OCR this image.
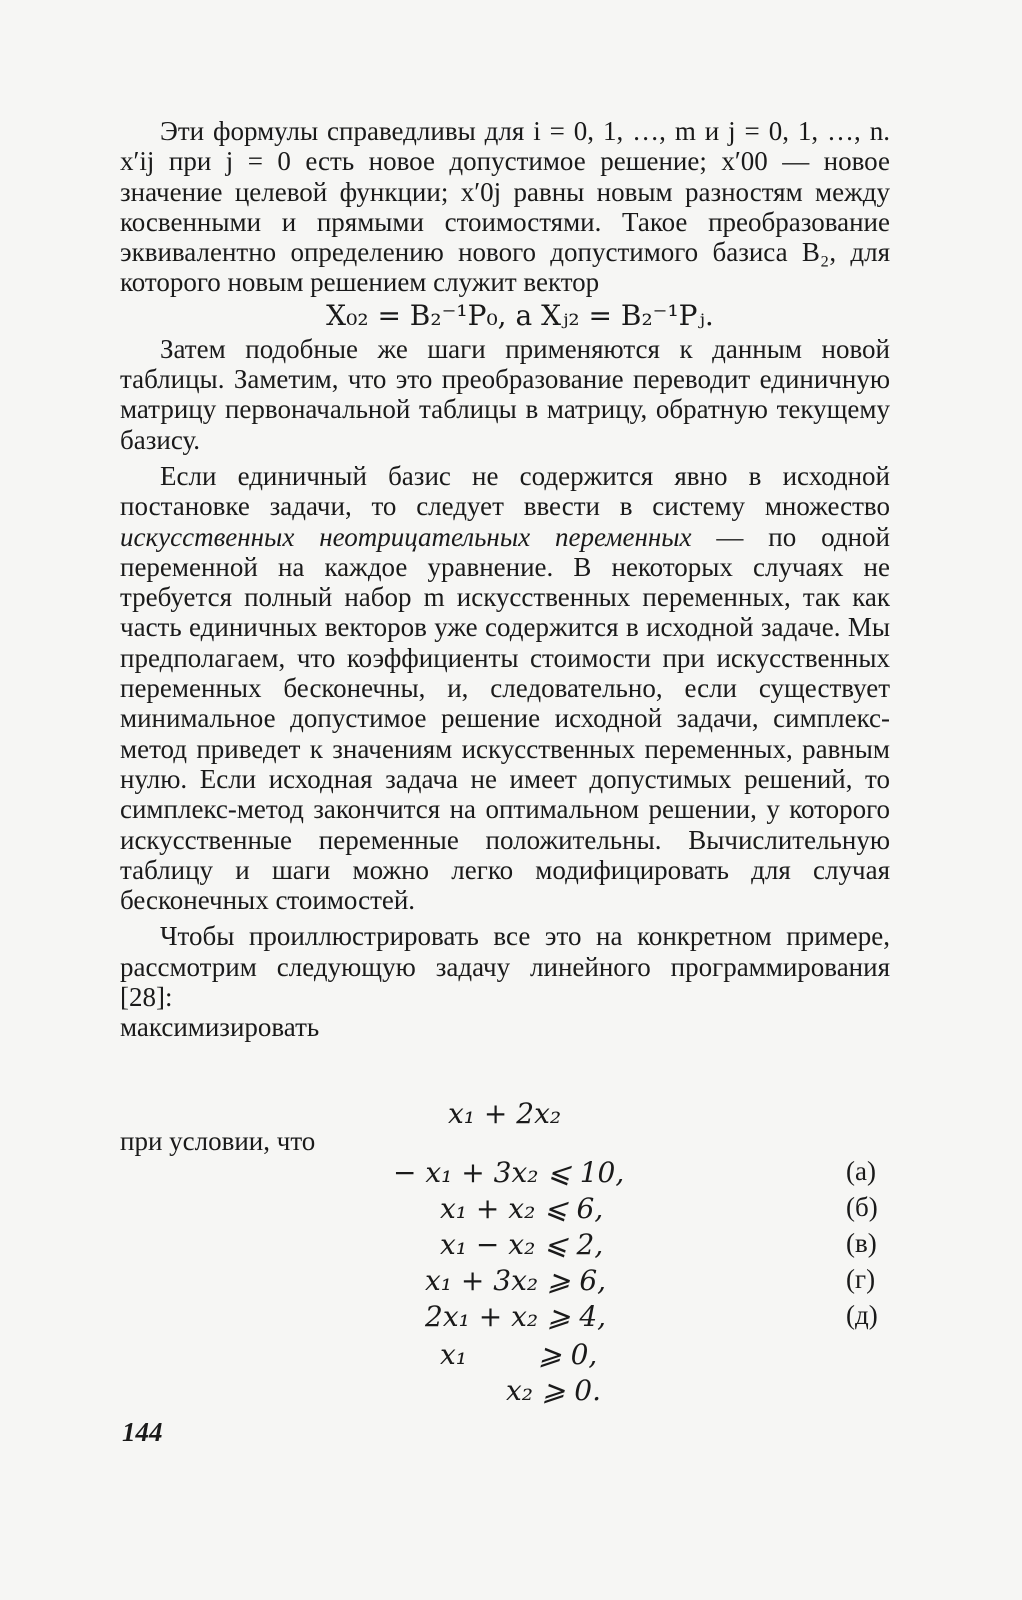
Эти формулы справедливы для i = 0, 1, …, m и j = 0, 1, …, n. x′ij при j = 0 есть новое допустимое решение; x′00 — новое значение целевой функции; x′0j равны новым разностям между косвенными и прямыми стоимостями. Такое преобразование эквивалентно определению нового допустимого базиса B₂, для которого новым решением служит вектор

X₀₂ = B₂⁻¹P₀, а Xⱼ₂ = B₂⁻¹Pⱼ.

Затем подобные же шаги применяются к данным новой таблицы. Заметим, что это преобразование переводит единичную матрицу первоначальной таблицы в матрицу, обратную текущему базису.

Если единичный базис не содержится явно в исходной постановке задачи, то следует ввести в систему множество искусственных неотрицательных переменных — по одной переменной на каждое уравнение. В некоторых случаях не требуется полный набор m искусственных переменных, так как часть единичных векторов уже содержится в исходной задаче. Мы предполагаем, что коэффициенты стоимости при искусственных переменных бесконечны, и, следовательно, если существует минимальное допустимое решение исходной задачи, симплекс-метод приведет к значениям искусственных переменных, равным нулю. Если исходная задача не имеет допустимых решений, то симплекс-метод закончится на оптимальном решении, у которого искусственные переменные положительны. Вычислительную таблицу и шаги можно легко модифицировать для случая бесконечных стоимостей.

Чтобы проиллюстрировать все это на конкретном примере, рассмотрим следующую задачу линейного программирования [28]:

максимизировать

x₁ + 2x₂
при условии, что
− x₁ + 3x₂ ⩽ 10,	(а)
x₁ + x₂ ⩽ 6,	(б)
x₁ − x₂ ⩽ 2,	(в)
x₁ + 3x₂ ⩾ 6,	(г)
2x₁ + x₂ ⩾ 4,	(д)
x₁        ⩾ 0,
x₂ ⩾ 0.
144
